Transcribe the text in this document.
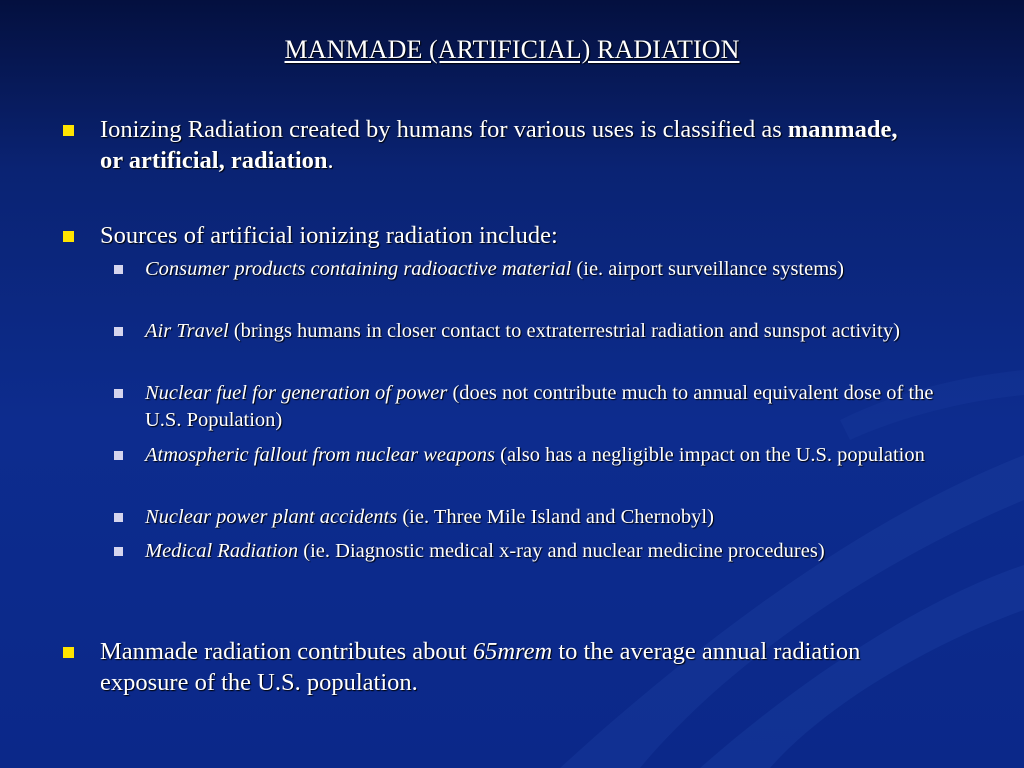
MANMADE (ARTIFICIAL) RADIATION
Ionizing Radiation created by humans for various uses is classified as manmade, or artificial, radiation.
Sources of artificial ionizing radiation include:
Consumer products containing radioactive material (ie. airport surveillance systems)
Air Travel (brings humans in closer contact to extraterrestrial radiation and sunspot activity)
Nuclear fuel for generation of power (does not contribute much to annual equivalent dose of the U.S. Population)
Atmospheric fallout from nuclear weapons (also has a negligible impact on the U.S. population
Nuclear power plant accidents (ie. Three Mile Island and Chernobyl)
Medical Radiation (ie. Diagnostic medical x-ray and nuclear medicine procedures)
Manmade radiation contributes about 65mrem to the average annual radiation exposure of the U.S. population.
